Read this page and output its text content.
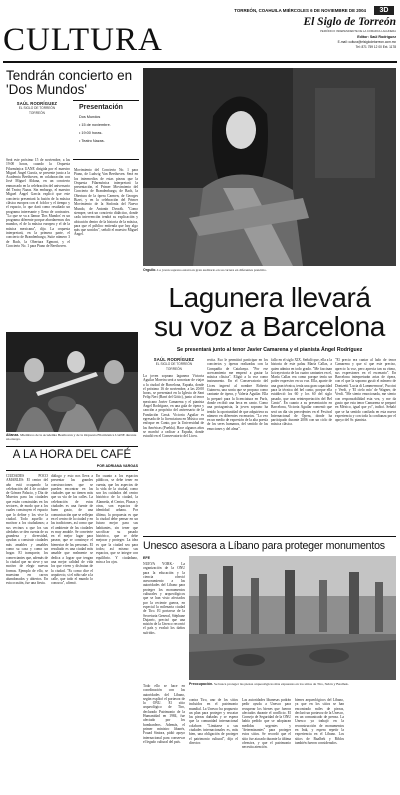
CULTURA
TORREÓN, COAHUILA MIÉRCOLES 6 DE NOVIEMBRE DE 2004	3D
El Siglo de Torreón
PERIÓDICO INDEPENDIENTE DE LA COMARCA LAGUNERA
Editor: Saúl Rodríguez
E-mail: cultura@elsiglodetorreon.com.mx
Tel: 871 759 12 00 Ext. 1178
Tendrán concierto en 'Dos Mundos'
SAÚL RODRÍGUEZ
EL SIGLO DE TORREÓN
TORREÓN
Presentación
Dos Mundos
• 15 de noviembre.
• 19:00 horas.
• Teatro Nazas.
Será este próximo 15 de noviembre, a las 19:00 horas, cuando la Orquesta Filarmónica UANE dirigida por el maestro Miguel Ángel García, se presente junto a la Academia Beethoven, en colaboración con José Miguel Aldana, en un concierto enmarcado en la celebración del aniversario del Teatro Nazas. Sin embargo, el maestro Miguel Ángel García explicó que este concierto presentará la fusión de la música clásica europea con el folclor y el tiempo y el espacio, lo que dará como resultado un programa interesante y lleno de contrastes. "Lo que se va a llamar 'Dos Mundos' es un programa diferente porque abordaremos dos mundos, el de la música europea y el de la música mexicana", dijo. La orquesta interpretará, en la primera parte, el concierto de Brandenburgo, Suite número 3 de Bach, la Obertura Egmont, y el Concierto No. 1 para Piano de Beethoven.
Movimiento del Concierto No. 1 para Piano, de Ludwig Van Beethoven. Será en los intermedios de estas piezas que la Orquesta Filarmónica interpretará la presentación, el Primer Movimiento del Concierto de Brandenburgo, de Bach, la Obertura de la ópera Carmen, de Georges Bizet, y en la celebración del Primer Movimiento de la Sinfonía del Nuevo Mundo, de Antonín Dvorák. "Como siempre, será un concierto didáctico, donde cada intervención tendrá su explicación y ubicación dentro de la historia de la música, para que el público entienda que hay algo más que sonidos", señaló el maestro Miguel Ángel.
Orgullo. La joven soprano estará en gran auditorio en su carrera en diferentes pretérito.
Alianza. Miembros de la Academia Beethoven y de la Orquesta Filarmónica UANE durante un ensayo.
Lagunera llevará
su voz a Barcelona
Se presentará junto al tenor Javier Camarena y el pianista Ángel Rodríguez
SAÚL RODRÍGUEZ
EL SIGLO DE TORREÓN
TORREÓN
La joven soprano lagunera Victoria Aguilar Moreira será a sonorizar de viajar a la ciudad de Barcelona, España, donde el próximo 16 de noviembre, a las 20:00 horas, se presentará en la Iglesia de Sant Felip Neri (Barrí del Gòtic), junto al tenor mexicano Javier Camarena y el pianista Ángel Rodríguez, en una gala de ópera y canción a propósito del aniversario de la Fundación Cassà. Victoria Aguilar es egresada de la licenciatura en Música con enfoque en Canto, por la Universidad de las Américas (Puebla). Hace algunos años se marchó a radicar a España, donde estudió en el Conservatorio del Liceu.
recita. Eso le permitirá participar en los conciertos y óperas realizadas con la Compañía de Catalunya. "Por ese acercamiento me empezó a gustar la música clásica". Eligió a la voz como instrumento. En el Conservatorio del Liceu ingresó al nombre Roberto Guimera, una sonia que se propuso como cantante de ópera, y Valeria Aguilar. Ella la preparó para la licenciatura en París, donde recibió una beca en canto. Como una protagonista, la joven soprano ha tenido la oportunidad de que adquiriera su número en diferentes escenarios. "Lo veo en un medio de expresión de la alta poesía de los seres humanos, del sentido de las emociones y del alma".
fallo en el siglo XIX. Señaló que, ella a la historia de este palau María Callas, a quien admira en todo grado. "Me fascinan la trayectoria de las cuatro cantantes en el, María Callas era como porque tenía un poder expresivo en su voz. Ella, aparte de una gran técnica, tenía una gran capacidad para la técnica del bel canto, porque ella estableció los 60 y los 60 del siglo pasado, que una reinterpretación del Bel Canto". En cuanto a su presentación en Barcelona, Victoria Aguilar comentó que será un día sin precedentes en el Festival Internacional de Ópera, donde ha participado durante 2006 con un ciclo de música clásica.
"El precio era cantar al lado de tenor Camarena y que sí que este preciso, aprecio la voz, pero aprecia tan su ritmo, sus expresiones en el escenario". En Barcelona interpretarán arias de ópera, con el que la soprano gustó el número de Donizetti 'Lucia di Lammermoor', Puccini y Verdi, y 'El cielo mío' de Wagner, de Verdi. "Me siento emocionada, me siento con responsabilidad esta vez, y me da gusto que esta tenor Camarena se preparó en México, igual que yo", indicó. Señaló que se ha sentido confiada en esta nueva experiencia y con toda la confianza por el apoyo del Sr. pianista.
A LA HORA DEL CAFÉ
POR ADRIANA VARGAS
CIUDADES POCO AMABLES: El centro del año está ocupando la celebración del 4 de octubre de Gómez Palacio, y Dia de Muertos para las ciudades que están construidas en los sectores, de modo que a los cuales construyen el espacio que lo define y los vive la ciudad. Todo aquello a motivar a los ciudadanos; a sus vecinos a que los sus aledaños se den cuenta de su grandeza y diversidad, ayudan a construir ciudades más amables y amables como su casa y como un hogar. El transporte, los comerciantes que, además de la ciudad que no sirve y un motivo de elegir nuevas formas. Ejemplo de ello, se muestran en carros abandonados y abiertos. En esta ocasión, fue una fiesta.
diálogo y esto nos lleva a presentar las grandes construcciones que se pueden encontrar en las ciudades que no tienen más que su vía de las calles. La celebración de estas ciudades es una fuente de buen gusto, de una comunicación que se reflejan en el centro de la ciudad y en las tradiciones, así como que el ambiente de las ciudades es muy amable. Se convierte en el mejor lugar para pasear, que se construye el bienestar de las personas. El resultado es una ciudad más amable que realmente se dedica a lograr que tengan una mejor calidad de vida los que viven y disfrutan de la ciudad. "Es como dice el arquitecto, si el niño sale a la calle, que todo el mundo lo conozca", afirmó.
En cuanto a los espacios públicos, se debe tener en cuenta, que los aspectos de la vida de la ciudad, como son los cuidados del centro histórico de la ciudad, la Alameda, el Centro, Plazas y otras, son espacios de identidad urbana. Por último, la propuesta es que la ciudad debe pensar en un futuro mejor para sus habitantes, sin tener que sacrificar su pasado histórico, que se debe mejorar y proteger. La idea es que la ciudad sea para todos; así mismo sus espacios, que se integre con equilibrio. Y ciudadano, mira a los ojos.
Unesco asesora a Líbano para proteger monumentos
EFE
NUEVA YORK.- La organización de la ONU para la educación y la ciencia ofreció asesoramiento a las autoridades del Líbano para proteger los monumentos culturales y arqueológicos que se han visto afectados por la reciente guerra, en especial la milenaria ciudad de Tiro. El portavoz de la Secretaria General, Stéphane Dujarric, precisó que una misión de la Unesco recorrió el país y evaluó los daños sufridos.
Preocupación. Se busca proteger las piezas arqueológicas más expuestas en los sitios de Tiro, Sidón y Baalbek.
Todo ello se hace en coordinación con las autoridades del Líbano, según explicó el portavoz de la ONU. El sitio arqueológico de Tiro, declarado Patrimonio de la Humanidad en 1984, fue afectado por los bombardeos. Además, el primer ministro libanés, Fouad Siniora, pidió apoyo internacional para conservar el legado cultural del país.
contra Tiro, uno de los sitios incluidos en el patrimonio mundial. La Unesco ha propuesto un plan para proteger y rescatar las piezas dañadas y se espera que la comunidad internacional colabore. "Limitarse a sus ciudades internacionales es, más bien, una obligación de proteger el patrimonio cultural", dijo el director.
Las autoridades libanesas podrán pedir ayuda a Unesco para recuperar los bienes que fueron afectados durante el conflicto. El Consejo de Seguridad de la ONU había pedido que se adoptaran medidas urgentes y "determinantes" para proteger estos sitios. Se recordó que el sitio fue atacado durante la última ofensiva, y que el patrimonio necesita atención.
bienes arqueológicos del Líbano, ya que en los sitios se han encontrado miles de piezas, declaró un portavoz de la Unesco, en un comunicado de prensa. La Unesco ya trabajó en la reconstrucción de monumentos en Irak, y espera repetir la experiencia en el Líbano. Los sitios de Baalbek y Biblos también fueron considerados.
